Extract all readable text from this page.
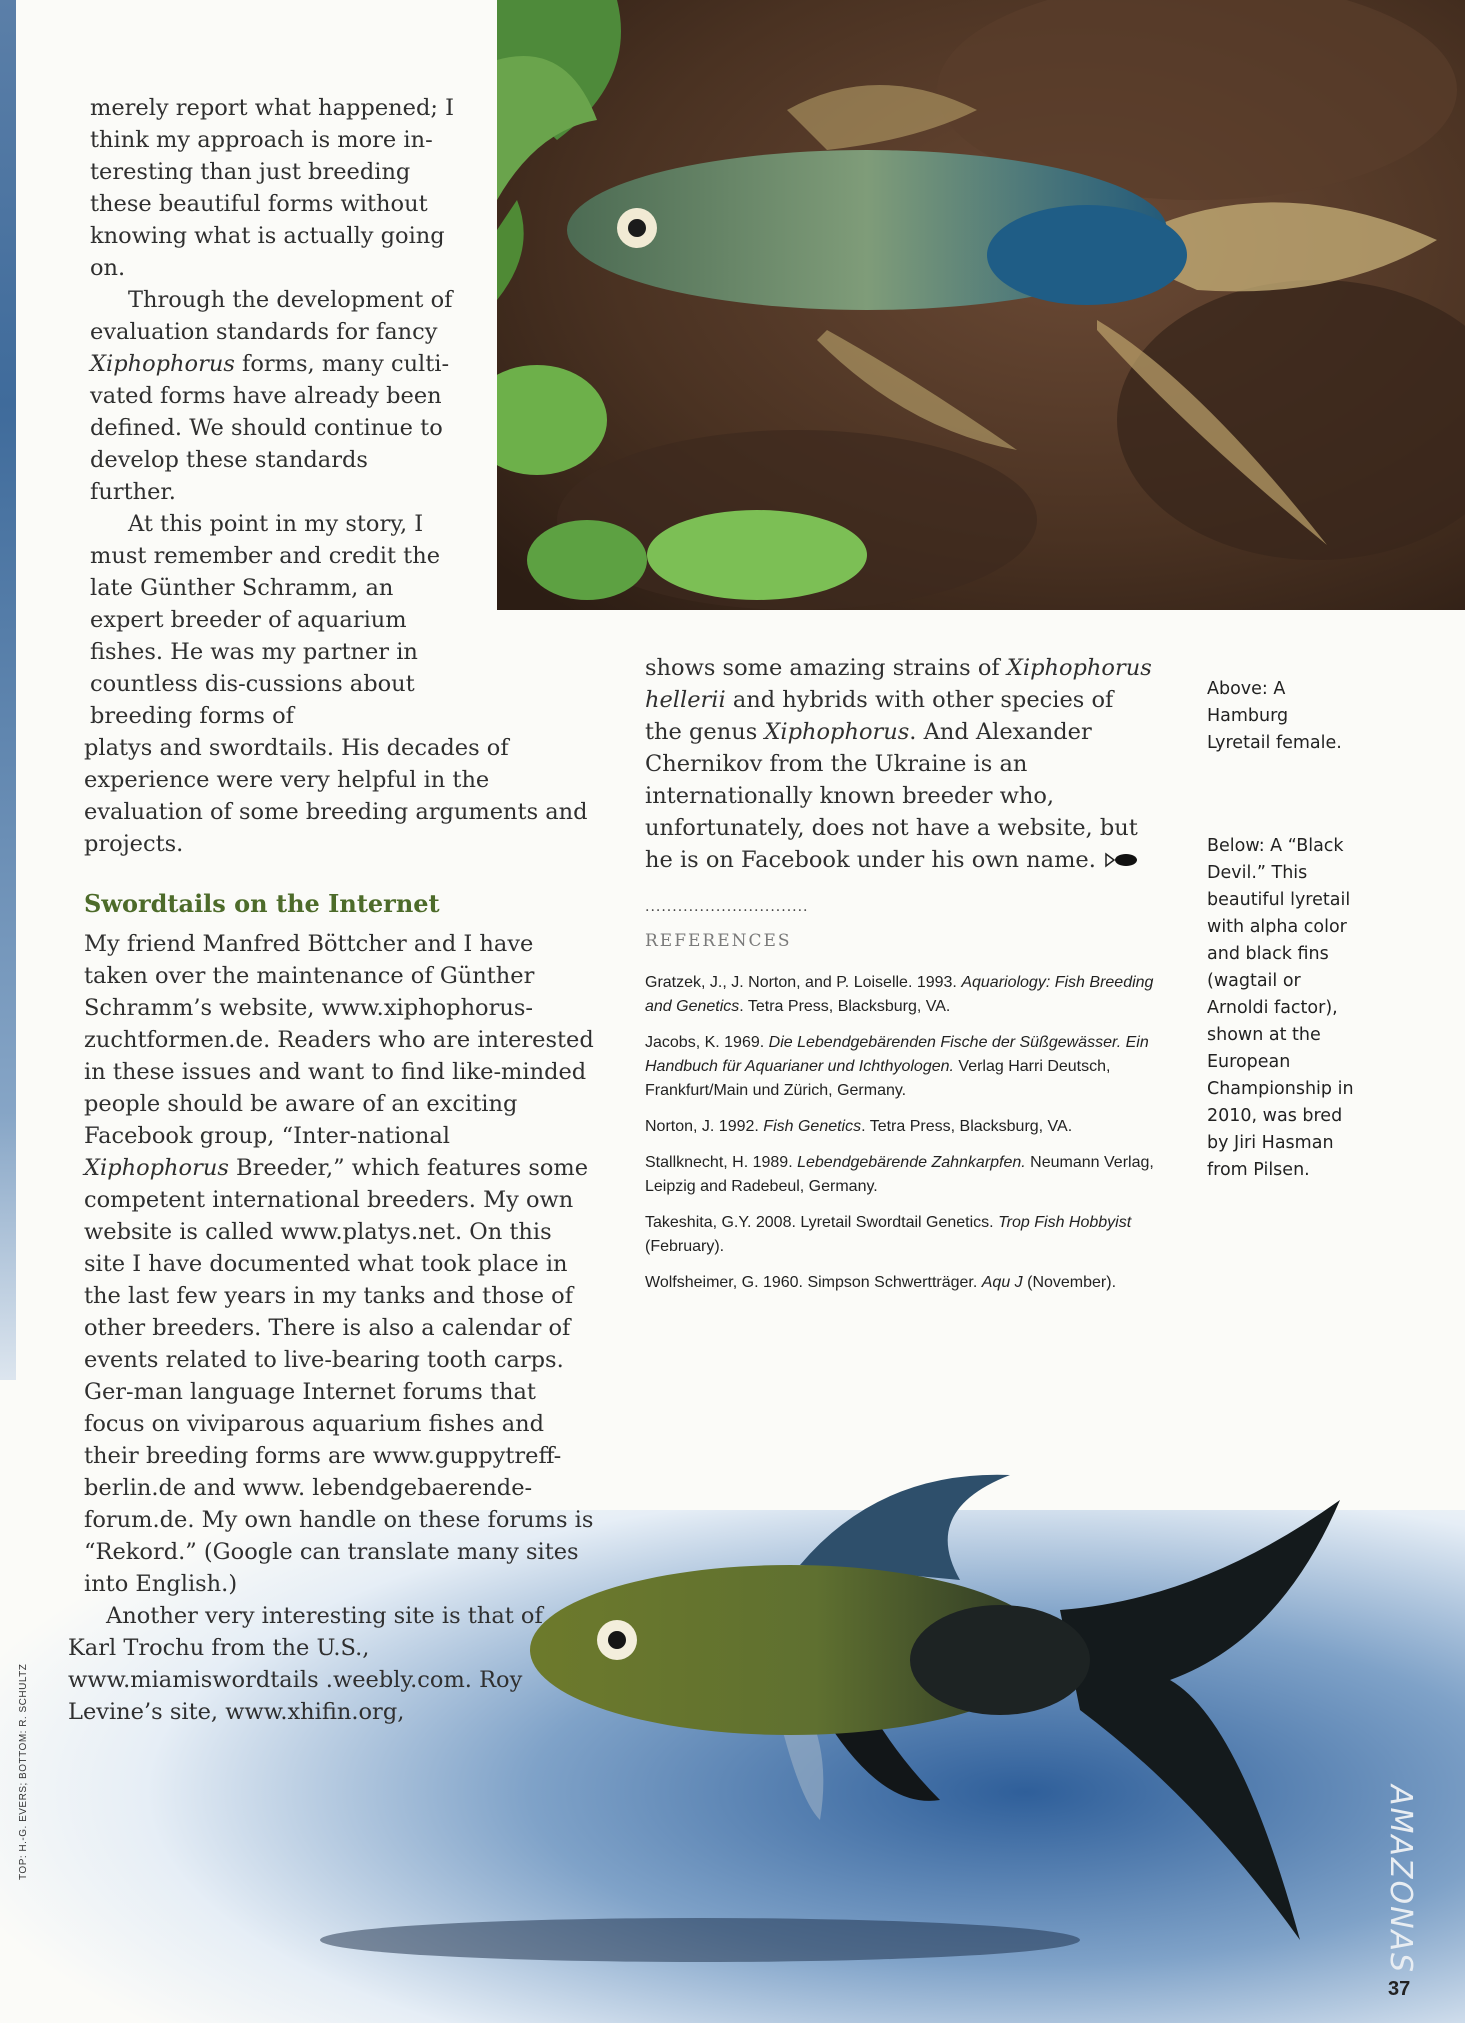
merely report what happened; I think my approach is more in-teresting than just breeding these beautiful forms without knowing what is actually going on.

Through the development of evaluation standards for fancy Xiphophorus forms, many culti-vated forms have already been defined. We should continue to develop these standards further.

At this point in my story, I must remember and credit the late Günther Schramm, an expert breeder of aquarium fishes. He was my partner in countless dis-cussions about breeding forms of

platys and swordtails. His decades of experience were very helpful in the evaluation of some breeding arguments and projects.

Swordtails on the Internet

My friend Manfred Böttcher and I have taken over the maintenance of Günther Schramm’s website, www.xiphophorus-zuchtformen.de. Readers who are interested in these issues and want to find like-minded people should be aware of an exciting Facebook group, “Inter-national Xiphophorus Breeder,” which features some competent international breeders. My own website is called www.platys.net. On this site I have documented what took place in the last few years in my tanks and those of other breeders. There is also a calendar of events related to live-bearing tooth carps. Ger-man language Internet forums that focus on viviparous aquarium fishes and their breeding forms are www.guppytreff-berlin.de and www. lebendgebaerende-forum.de. My own handle on these forums is “Rekord.” (Google can translate many sites into English.)

Another very interesting site is that of Karl Trochu from the U.S., www.miamiswordtails .weebly.com. Roy Levine’s site, www.xhifin.org,

shows some amazing strains of Xiphophorus hellerii and hybrids with other species of the genus Xiphophorus. And Alexander Chernikov from the Ukraine is an internationally known breeder who, unfortunately, does not have a website, but he is on Facebook under his own name.

..............................
REFERENCES
Gratzek, J., J. Norton, and P. Loiselle. 1993. Aquariology: Fish Breeding and Genetics. Tetra Press, Blacksburg, VA.
Jacobs, K. 1969. Die Lebendgebärenden Fische der Süßgewässer. Ein Handbuch für Aquarianer und Ichthyologen. Verlag Harri Deutsch, Frankfurt/Main und Zürich, Germany.
Norton, J. 1992. Fish Genetics. Tetra Press, Blacksburg, VA.
Stallknecht, H. 1989. Lebendgebärende Zahnkarpfen. Neumann Verlag, Leipzig and Radebeul, Germany.
Takeshita, G.Y. 2008. Lyretail Swordtail Genetics. Trop Fish Hobbyist (February).
Wolfsheimer, G. 1960. Simpson Schwertträger. Aqu J (November).

Above: A Hamburg Lyretail female.

Below: A “Black Devil.” This beautiful lyretail with alpha color and black fins (wagtail or Arnoldi factor), shown at the European Championship in 2010, was bred by Jiri Hasman from Pilsen.

TOP: H.-G. EVERS; BOTTOM: R. SCHULTZ	AMAZONAS
37
